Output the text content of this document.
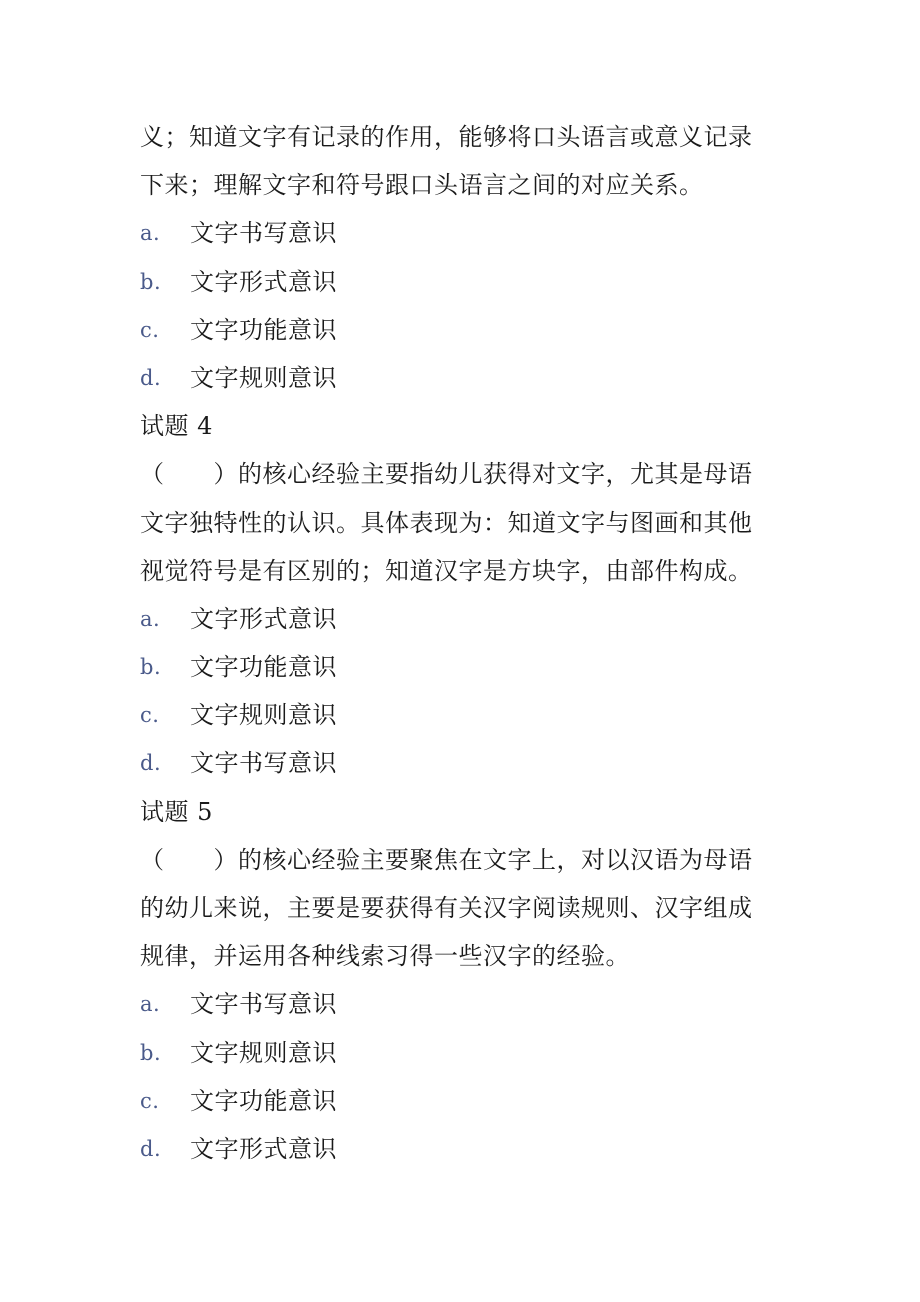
义；知道文字有记录的作用，能够将口头语言或意义记录
下来；理解文字和符号跟口头语言之间的对应关系。
a.	文字书写意识
b.	文字形式意识
c.	文字功能意识
d.	文字规则意识
试题 4
（　　）的核心经验主要指幼儿获得对文字，尤其是母语
文字独特性的认识。具体表现为：知道文字与图画和其他
视觉符号是有区别的；知道汉字是方块字，由部件构成。
a.	文字形式意识
b.	文字功能意识
c.	文字规则意识
d.	文字书写意识
试题 5
（　　）的核心经验主要聚焦在文字上，对以汉语为母语
的幼儿来说，主要是要获得有关汉字阅读规则、汉字组成
规律，并运用各种线索习得一些汉字的经验。
a.	文字书写意识
b.	文字规则意识
c.	文字功能意识
d.	文字形式意识
